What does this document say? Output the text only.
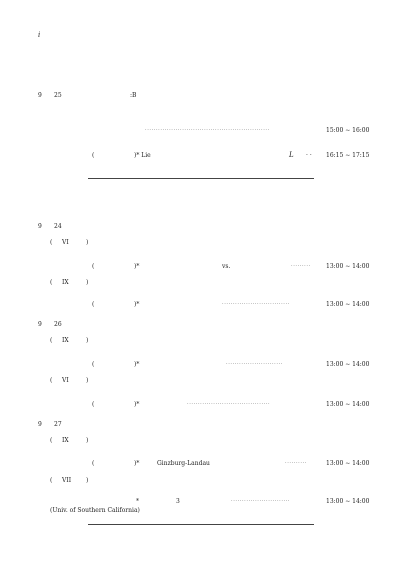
i
9 25	:B
·························································	15:00 ∼ 16:00
(	)* Lie	L · · 16:15 ∼ 17:15
9 24
( VI	)
(	)*	vs.	·········	13:00 ∼ 14:00
( IX	)
(	)*	·······························	13:00 ∼ 14:00
9 26
( IX	)
(	)*	··························	13:00 ∼ 14:00
( VI	)
(	)*	······································	13:00 ∼ 14:00
9 27
( IX	)
(	)*	Ginzburg-Landau	··········	13:00 ∼ 14:00
( VII )
*	3	···························	13:00 ∼ 14:00
(Univ. of Southern California)
